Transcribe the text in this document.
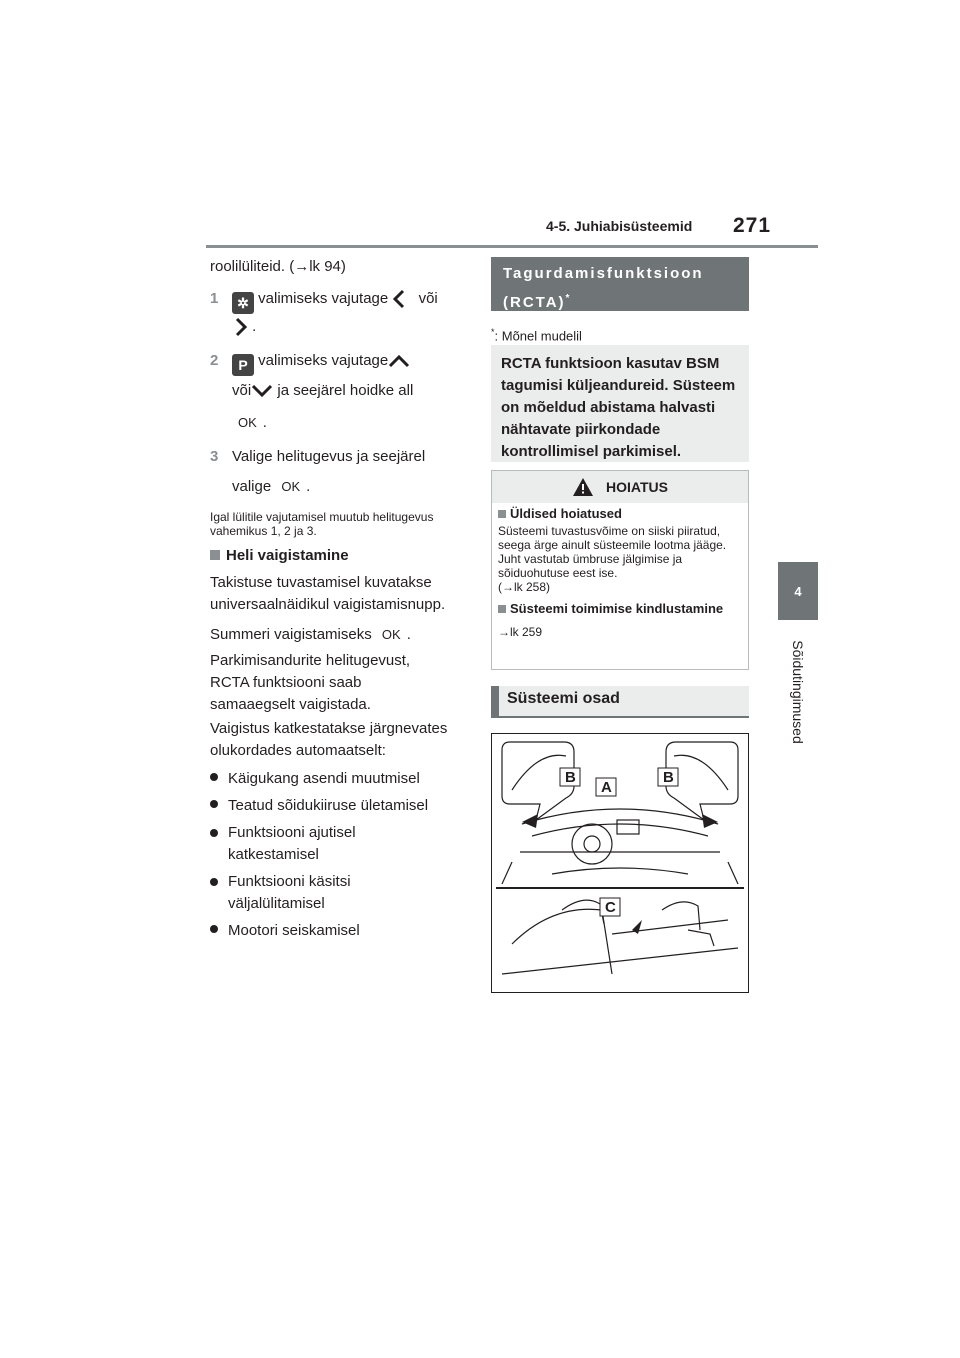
4-5. Juhiabisüsteemid 271
4
Sõidutingimused
roolilülitеid. (→lk 94)
1 ✲ valimiseks vajutage või
.
2 P valimiseks vajutage
või ja seejärel hoidke all
OK .
3 Valige helitugevus ja seejärel
valige OK .
Igal lülitile vajutamisel muutub helitugevus vahemikus 1, 2 ja 3.
Heli vaigistamine
Takistuse tuvastamisel kuvatakse universaalnäidikul vaigistamisnupp.
Summeri vaigistamiseks OK .
Parkimisandurite helitugevust, RCTA funktsiooni saab samaaegselt vaigistada.
Vaigistus katkestatakse järgnevates olukordades automaatselt:
Käigukang asendi muutmisel
Teatud sõidukiiruse ületamisel
Funktsiooni ajutisel katkestamisel
Funktsiooni käsitsi väljalülitamisel
Mootori seiskamisel
Tagurdamisfunktsioon (RCTA)*
*: Mõnel mudelil
RCTA funktsioon kasutav BSM tagumisi küljeandureid. Süsteem on mõeldud abistama halvasti nähtavate piirkondade kontrollimisel parkimisel.
HOIATUS
Üldised hoiatused
Süsteemi tuvastusvõime on siiski piiratud, seega ärge ainult süsteemile lootma jääge. Juht vastutab ümbruse jälgimise ja sõiduohutuse eest ise.
(→lk 258)
Süsteemi toimimise kindlustamine
→lk 259
Süsteemi osad
B
A
B
C
